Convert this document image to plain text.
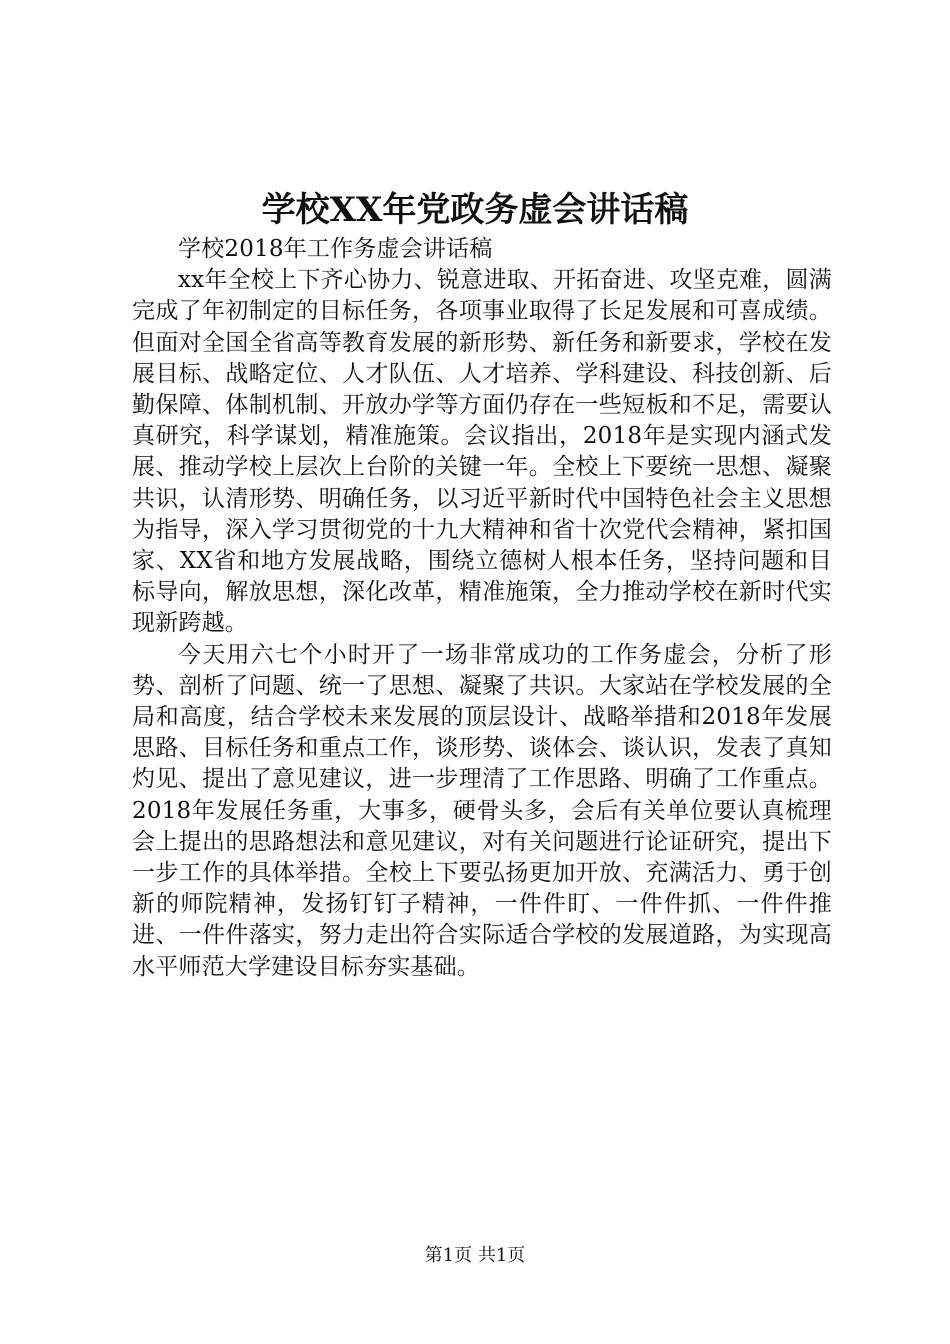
学校XX年党政务虚会讲话稿

学校2018年工作务虚会讲话稿

xx年全校上下齐心协力、锐意进取、开拓奋进、攻坚克难，圆满完成了年初制定的目标任务，各项事业取得了长足发展和可喜成绩。但面对全国全省高等教育发展的新形势、新任务和新要求，学校在发展目标、战略定位、人才队伍、人才培养、学科建设、科技创新、后勤保障、体制机制、开放办学等方面仍存在一些短板和不足，需要认真研究，科学谋划，精准施策。会议指出，2018年是实现内涵式发展、推动学校上层次上台阶的关键一年。全校上下要统一思想、凝聚共识，认清形势、明确任务，以习近平新时代中国特色社会主义思想为指导，深入学习贯彻党的十九大精神和省十次党代会精神，紧扣国家、XX省和地方发展战略，围绕立德树人根本任务，坚持问题和目标导向，解放思想，深化改革，精准施策，全力推动学校在新时代实现新跨越。

今天用六七个小时开了一场非常成功的工作务虚会，分析了形势、剖析了问题、统一了思想、凝聚了共识。大家站在学校发展的全局和高度，结合学校未来发展的顶层设计、战略举措和2018年发展思路、目标任务和重点工作，谈形势、谈体会、谈认识，发表了真知灼见、提出了意见建议，进一步理清了工作思路、明确了工作重点。2018年发展任务重，大事多，硬骨头多，会后有关单位要认真梳理会上提出的思路想法和意见建议，对有关问题进行论证研究，提出下一步工作的具体举措。全校上下要弘扬更加开放、充满活力、勇于创新的师院精神，发扬钉钉子精神，一件件盯、一件件抓、一件件推进、一件件落实，努力走出符合实际适合学校的发展道路，为实现高水平师范大学建设目标夯实基础。

第1页 共1页
